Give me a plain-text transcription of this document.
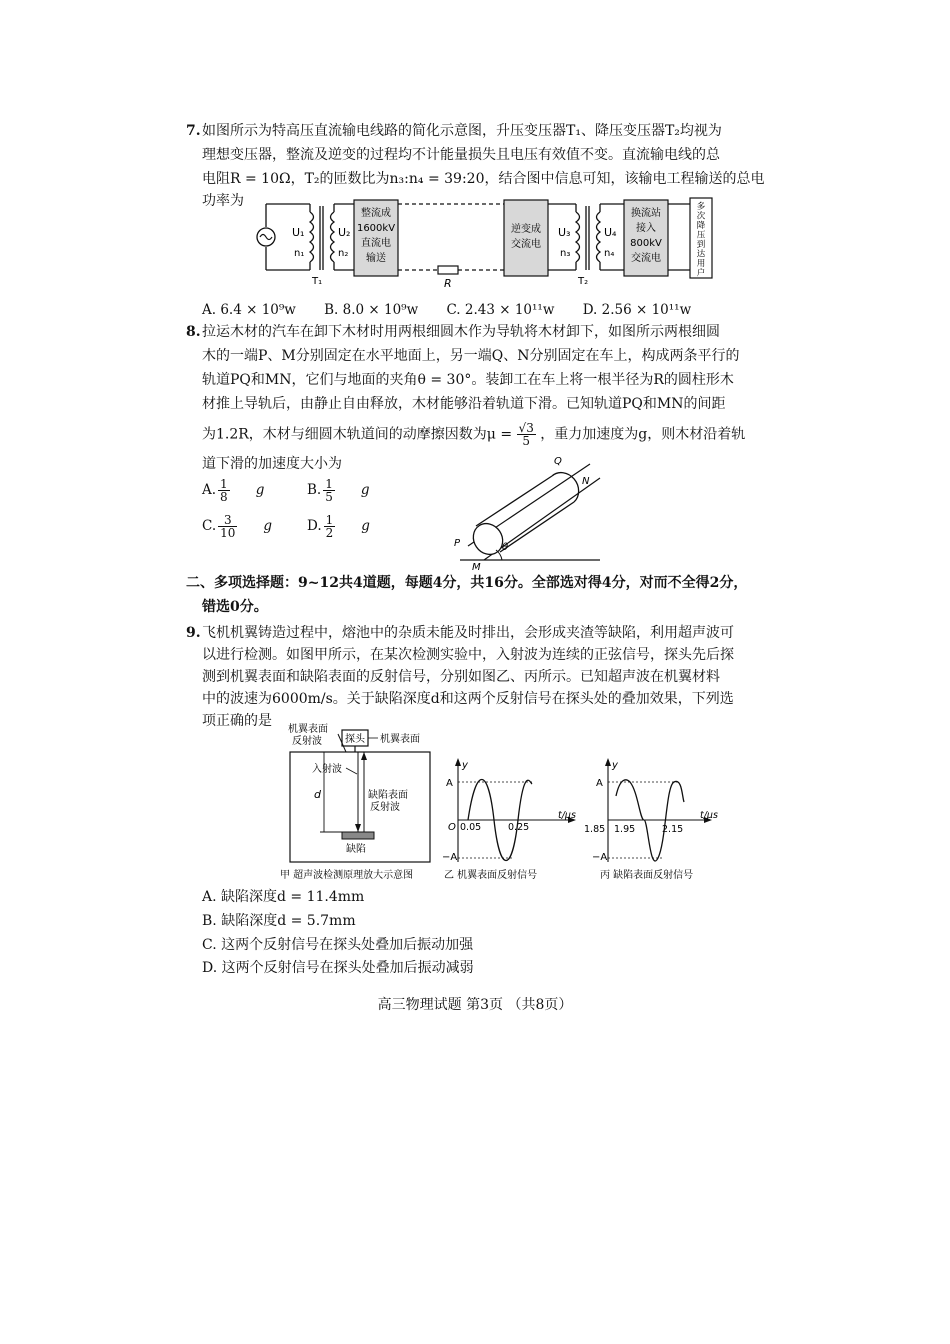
7. 如图所示为特高压直流输电线路的简化示意图，升压变压器T₁、降压变压器T₂均视为
理想变压器，整流及逆变的过程均不计能量损失且电压有效值不变。直流输电线的总
电阻R = 10Ω，T₂的匝数比为n₃:n₄ = 39:20，结合图中信息可知，该输电工程输送的总电
功率为
U₁
n₁
T₁
U₂
n₂
整流成
1600kV
直流电
输送
R
逆变成
交流电
U₃
n₃
T₂
U₄
n₄
换流站
接入
800kV
交流电
多
次
降
压
到
达
用
户
A. 6.4 × 10⁹w B. 8.0 × 10⁹w C. 2.43 × 10¹¹w D. 2.56 × 10¹¹w
8. 拉运木材的汽车在卸下木材时用两根细圆木作为导轨将木材卸下，如图所示两根细圆
木的一端P、M分别固定在水平地面上，另一端Q、N分别固定在车上，构成两条平行的
轨道PQ和MN，它们与地面的夹角θ = 30°。装卸工在车上将一根半径为R的圆柱形木
材推上导轨后，由静止自由释放，木材能够沿着轨道下滑。已知轨道PQ和MN的间距
为1.2R，木材与细圆木轨道间的动摩擦因数为$\mu = \frac{√3}{5}$ ，重力加速度为g，则木材沿着轨
道下滑的加速度大小为
A. $\frac{1}{8}$ g	B. $\frac{1}{5}$ g
C. $\frac{3}{10}$ g	D. $\frac{1}{2}$ g
Q
N
P
M
θ
二、多项选择题：9~12共4道题，每题4分，共16分。全部选对得4分，对而不全得2分，
错选0分。
9. 飞机机翼铸造过程中，熔池中的杂质未能及时排出，会形成夹渣等缺陷，利用超声波可
以进行检测。如图甲所示，在某次检测实验中，入射波为连续的正弦信号，探头先后探
测到机翼表面和缺陷表面的反射信号，分别如图乙、丙所示。已知超声波在机翼材料
中的波速为6000m/s。关于缺陷深度d和这两个反射信号在探头处的叠加效果，下列选
项正确的是
探头
机翼表面
反射波	机翼表面
入射波
d	缺陷表面
反射波
缺陷
甲 超声波检测原理放大示意图
y
t/μs
A
−A
O 0.05	0.25
乙 机翼表面反射信号
y
t/μs
A
−A
1.85 1.95	2.15
丙 缺陷表面反射信号
A. 缺陷深度d = 11.4mm
B. 缺陷深度d = 5.7mm
C. 这两个反射信号在探头处叠加后振动加强
D. 这两个反射信号在探头处叠加后振动减弱
高三物理试题 第3页 （共8页）
